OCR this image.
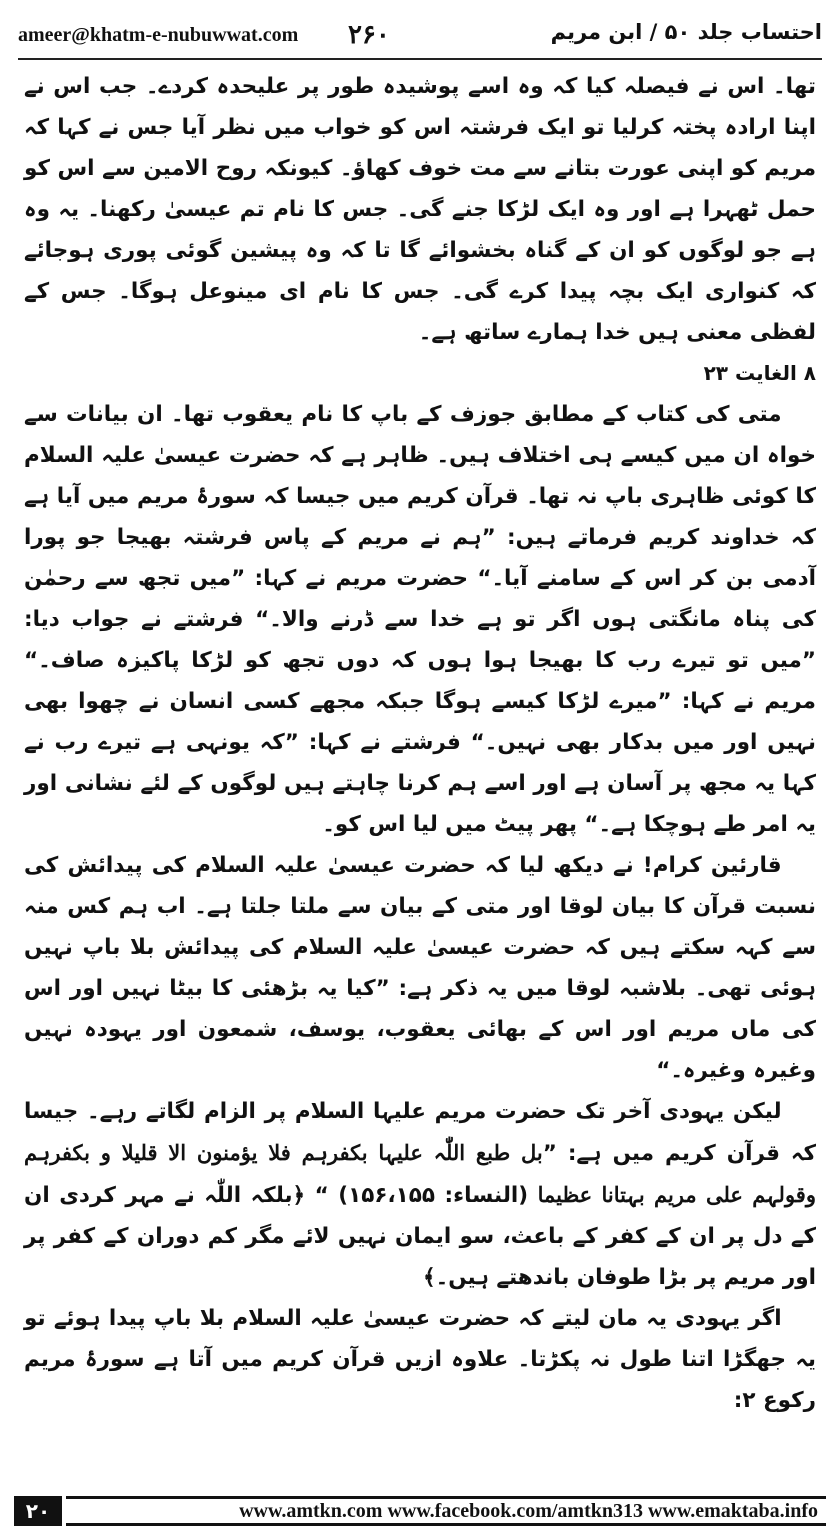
ameer@khatm-e-nubuwwat.com ۲۶۰	احتساب جلد ۵۰ / ابن مریم

تھا۔ اس نے فیصلہ کیا کہ وہ اسے پوشیدہ طور پر علیحدہ کردے۔ جب اس نے اپنا ارادہ پختہ کرلیا تو ایک فرشتہ اس کو خواب میں نظر آیا جس نے کہا کہ مریم کو اپنی عورت بتانے سے مت خوف کھاؤ۔ کیونکہ روح الامین سے اس کو حمل ٹھہرا ہے اور وہ ایک لڑکا جنے گی۔ جس کا نام تم عیسیٰ رکھنا۔ یہ وہ ہے جو لوگوں کو ان کے گناہ بخشوائے گا تا کہ وہ پیشین گوئی پوری ہوجائے کہ کنواری ایک بچہ پیدا کرے گی۔ جس کا نام ای مینوعل ہوگا۔ جس کے لفظی معنی ہیں خدا ہمارے ساتھ ہے۔

۸ الغایت ۲۳

متی کی کتاب کے مطابق جوزف کے باپ کا نام یعقوب تھا۔ ان بیانات سے خواہ ان میں کیسے ہی اختلاف ہیں۔ ظاہر ہے کہ حضرت عیسیٰ علیہ السلام کا کوئی ظاہری باپ نہ تھا۔ قرآن کریم میں جیسا کہ سورۂ مریم میں آیا ہے کہ خداوند کریم فرماتے ہیں: ”ہم نے مریم کے پاس فرشتہ بھیجا جو پورا آدمی بن کر اس کے سامنے آیا۔“ حضرت مریم نے کہا: ”میں تجھ سے رحمٰن کی پناہ مانگتی ہوں اگر تو ہے خدا سے ڈرنے والا۔“ فرشتے نے جواب دیا: ”میں تو تیرے رب کا بھیجا ہوا ہوں کہ دوں تجھ کو لڑکا پاکیزہ صاف۔“ مریم نے کہا: ”میرے لڑکا کیسے ہوگا جبکہ مجھے کسی انسان نے چھوا بھی نہیں اور میں بدکار بھی نہیں۔“ فرشتے نے کہا: ”کہ یونہی ہے تیرے رب نے کہا یہ مجھ پر آسان ہے اور اسے ہم کرنا چاہتے ہیں لوگوں کے لئے نشانی اور یہ امر طے ہوچکا ہے۔“ پھر پیٹ میں لیا اس کو۔

قارئین کرام! نے دیکھ لیا کہ حضرت عیسیٰ علیہ السلام کی پیدائش کی نسبت قرآن کا بیان لوقا اور متی کے بیان سے ملتا جلتا ہے۔ اب ہم کس منہ سے کہہ سکتے ہیں کہ حضرت عیسیٰ علیہ السلام کی پیدائش بلا باپ نہیں ہوئی تھی۔ بلاشبہ لوقا میں یہ ذکر ہے: ”کیا یہ بڑھئی کا بیٹا نہیں اور اس کی ماں مریم اور اس کے بھائی یعقوب، یوسف، شمعون اور یہودہ نہیں وغیرہ وغیرہ۔“

لیکن یہودی آخر تک حضرت مریم علیہا السلام پر الزام لگاتے رہے۔ جیسا کہ قرآن کریم میں ہے: ”بل طبع اللّٰہ علیہا بکفرہم فلا یؤمنون الا قلیلا و بکفرہم وقولہم علی مریم بہتانا عظیما (النساء: ۱۵۶،۱۵۵) “ ﴿بلکہ اللّٰہ نے مہر کردی ان کے دل پر ان کے کفر کے باعث، سو ایمان نہیں لائے مگر کم دوران کے کفر پر اور مریم پر بڑا طوفان باندھتے ہیں۔﴾

اگر یہودی یہ مان لیتے کہ حضرت عیسیٰ علیہ السلام بلا باپ پیدا ہوئے تو یہ جھگڑا اتنا طول نہ پکڑتا۔ علاوہ ازیں قرآن کریم میں آتا ہے سورۂ مریم رکوع ۲:

۲۰	www.amtkn.com www.facebook.com/amtkn313 www.emaktaba.info
